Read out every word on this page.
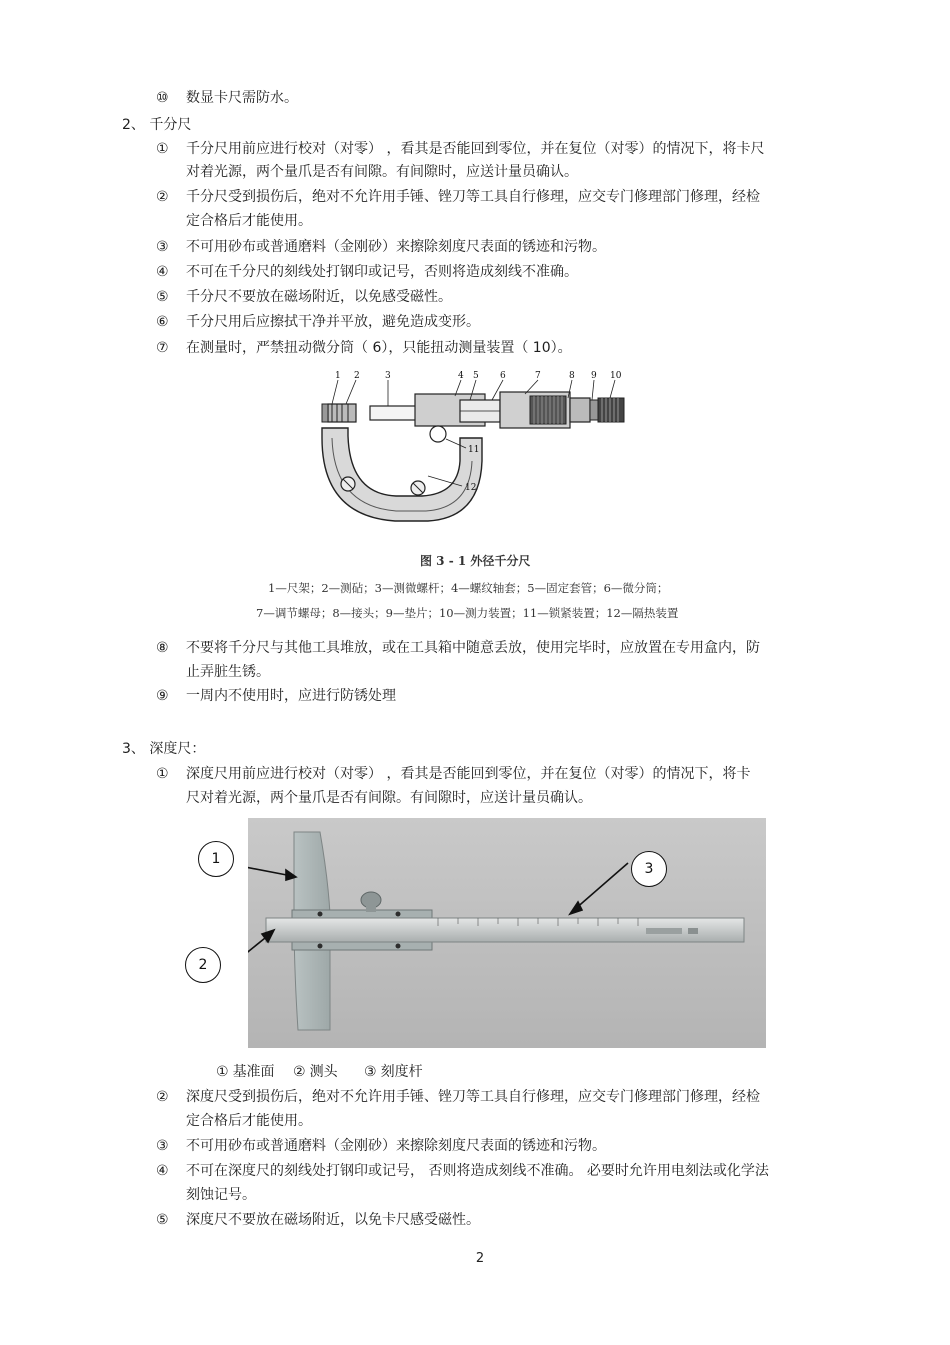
⑩ 数显卡尺需防水。
2、 千分尺
① 千分尺用前应进行校对（对零） ，看其是否能回到零位，并在复位（对零）的情况下，将卡尺
对着光源，两个量爪是否有间隙。有间隙时，应送计量员确认。
② 千分尺受到损伤后，绝对不允许用手锤、锉刀等工具自行修理，应交专门修理部门修理，经检
定合格后才能使用。
③ 不可用砂布或普通磨料（金刚砂）来擦除刻度尺表面的锈迹和污物。
④ 不可在千分尺的刻线处打钢印或记号，否则将造成刻线不准确。
⑤ 千分尺不要放在磁场附近，以免感受磁性。
⑥ 千分尺用后应擦拭干净并平放，避免造成变形。
⑦ 在测量时，严禁扭动微分筒（ 6），只能扭动测量装置（ 10）。
1 2	3	4 5 6	7	8 9 10
11
12
图 3 - 1 外径千分尺
1—尺架；2—测砧；3—测微螺杆；4—螺纹轴套；5—固定套管；6—微分筒；
7—调节螺母；8—接头；9—垫片；10—测力装置；11—锁紧装置；12—隔热装置
⑧ 不要将千分尺与其他工具堆放，或在工具箱中随意丢放，使用完毕时，应放置在专用盒内，防
止弄脏生锈。
⑨ 一周内不使用时，应进行防锈处理
3、 深度尺：
① 深度尺用前应进行校对（对零） ，看其是否能回到零位，并在复位（对零）的情况下，将卡
尺对着光源，两个量爪是否有间隙。有间隙时，应送计量员确认。
1
2
3
① 基准面 ② 测头 ③ 刻度杆
② 深度尺受到损伤后，绝对不允许用手锤、锉刀等工具自行修理，应交专门修理部门修理，经检
定合格后才能使用。
③ 不可用砂布或普通磨料（金刚砂）来擦除刻度尺表面的锈迹和污物。
④ 不可在深度尺的刻线处打钢印或记号， 否则将造成刻线不准确。 必要时允许用电刻法或化学法
刻蚀记号。
⑤ 深度尺不要放在磁场附近，以免卡尺感受磁性。
2
